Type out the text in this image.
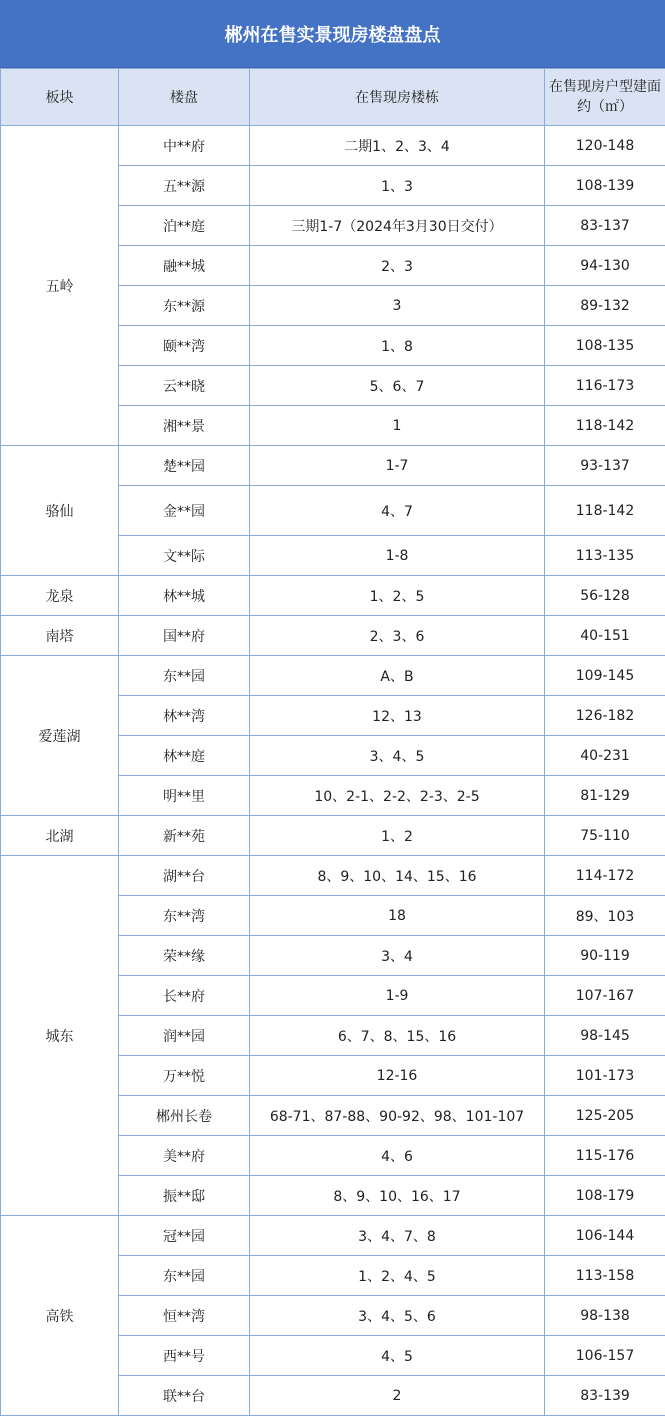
郴州在售实景现房楼盘盘点
板块	楼盘	在售现房楼栋	在售现房户型建面约（㎡）
五岭	中**府	二期1、2、3、4	120-148
	五**源	1、3	108-139
	泊**庭	三期1-7（2024年3月30日交付）	83-137
	融**城	2、3	94-130
	东**源	3	89-132
	颐**湾	1、8	108-135
	云**晓	5、6、7	116-173
	湘**景	1	118-142
骆仙	楚**园	1-7	93-137
	金**园	4、7	118-142
	文**际	1-8	113-135
龙泉	林**城	1、2、5	56-128
南塔	国**府	2、3、6	40-151
爱莲湖	东**园	A、B	109-145
	林**湾	12、13	126-182
	林**庭	3、4、5	40-231
	明**里	10、2-1、2-2、2-3、2-5	81-129
北湖	新**苑	1、2	75-110
城东	湖**台	8、9、10、14、15、16	114-172
	东**湾	18	89、103
	荣**缘	3、4	90-119
	长**府	1-9	107-167
	润**园	6、7、8、15、16	98-145
	万**悦	12-16	101-173
	郴州长卷	68-71、87-88、90-92、98、101-107	125-205
	美**府	4、6	115-176
	振**邸	8、9、10、16、17	108-179
高铁	冠**园	3、4、7、8	106-144
	东**园	1、2、4、5	113-158
	恒**湾	3、4、5、6	98-138
	西**号	4、5	106-157
	联**台	2	83-139
